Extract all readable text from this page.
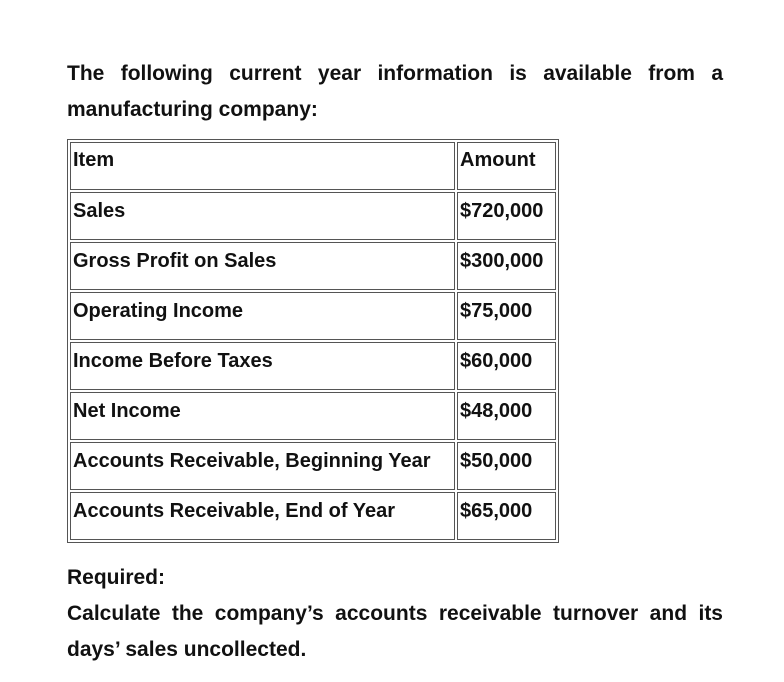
The following current year information is available from a manufacturing company:

Item	Amount
Sales	$720,000
Gross Profit on Sales	$300,000
Operating Income	$75,000
Income Before Taxes	$60,000
Net Income	$48,000
Accounts Receivable, Beginning Year	$50,000
Accounts Receivable, End of Year	$65,000

Required:

Calculate the company’s accounts receivable turnover and its days’ sales uncollected.
